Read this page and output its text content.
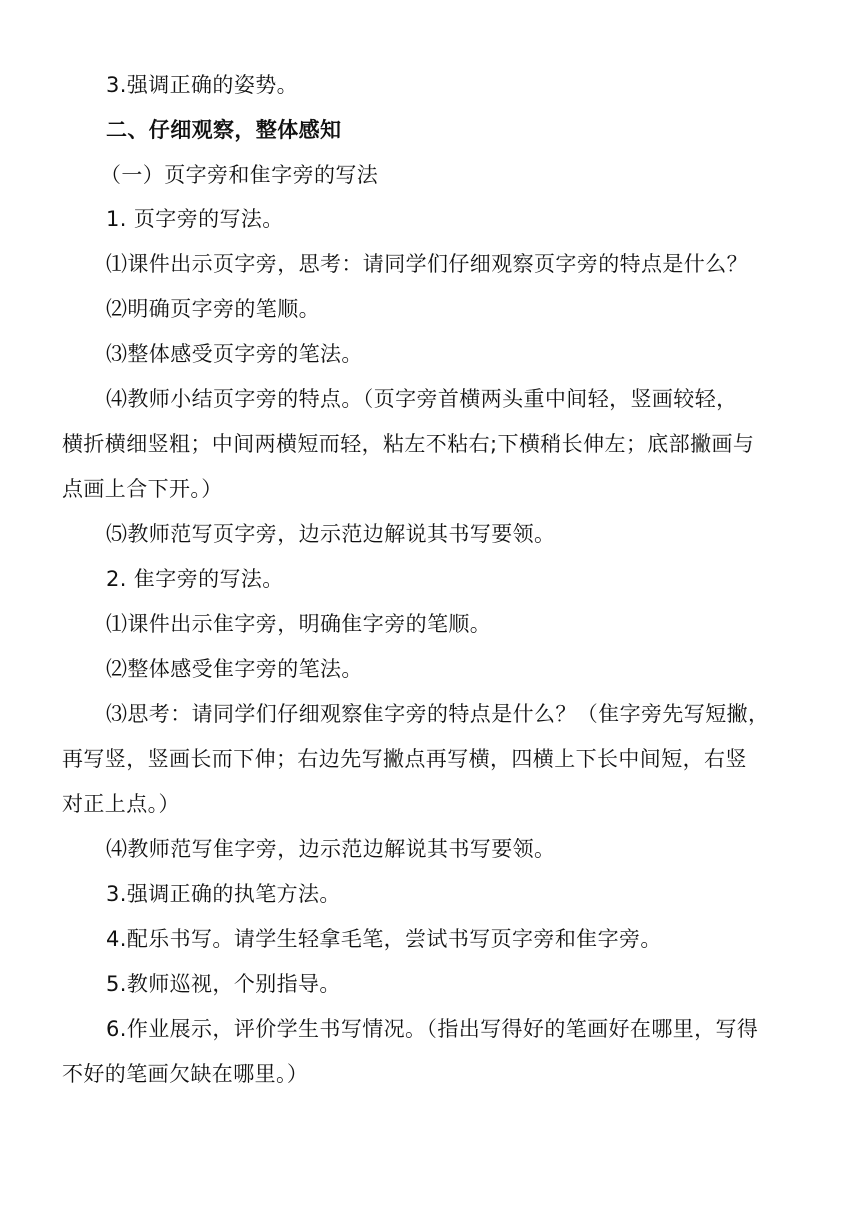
3.强调正确的姿势。
二、仔细观察，整体感知
（一）页字旁和隹字旁的写法
1. 页字旁的写法。
⑴课件出示页字旁，思考：请同学们仔细观察页字旁的特点是什么？
⑵明确页字旁的笔顺。
⑶整体感受页字旁的笔法。
⑷教师小结页字旁的特点。（页字旁首横两头重中间轻，竖画较轻，
横折横细竖粗；中间两横短而轻，粘左不粘右;下横稍长伸左；底部撇画与
点画上合下开。）
⑸教师范写页字旁，边示范边解说其书写要领。
2. 隹字旁的写法。
⑴课件出示隹字旁，明确隹字旁的笔顺。
⑵整体感受隹字旁的笔法。
⑶思考：请同学们仔细观察隹字旁的特点是什么？（隹字旁先写短撇，
再写竖，竖画长而下伸；右边先写撇点再写横，四横上下长中间短，右竖
对正上点。）
⑷教师范写隹字旁，边示范边解说其书写要领。
3.强调正确的执笔方法。
4.配乐书写。请学生轻拿毛笔，尝试书写页字旁和隹字旁。
5.教师巡视，个别指导。
6.作业展示，评价学生书写情况。（指出写得好的笔画好在哪里，写得
不好的笔画欠缺在哪里。）
